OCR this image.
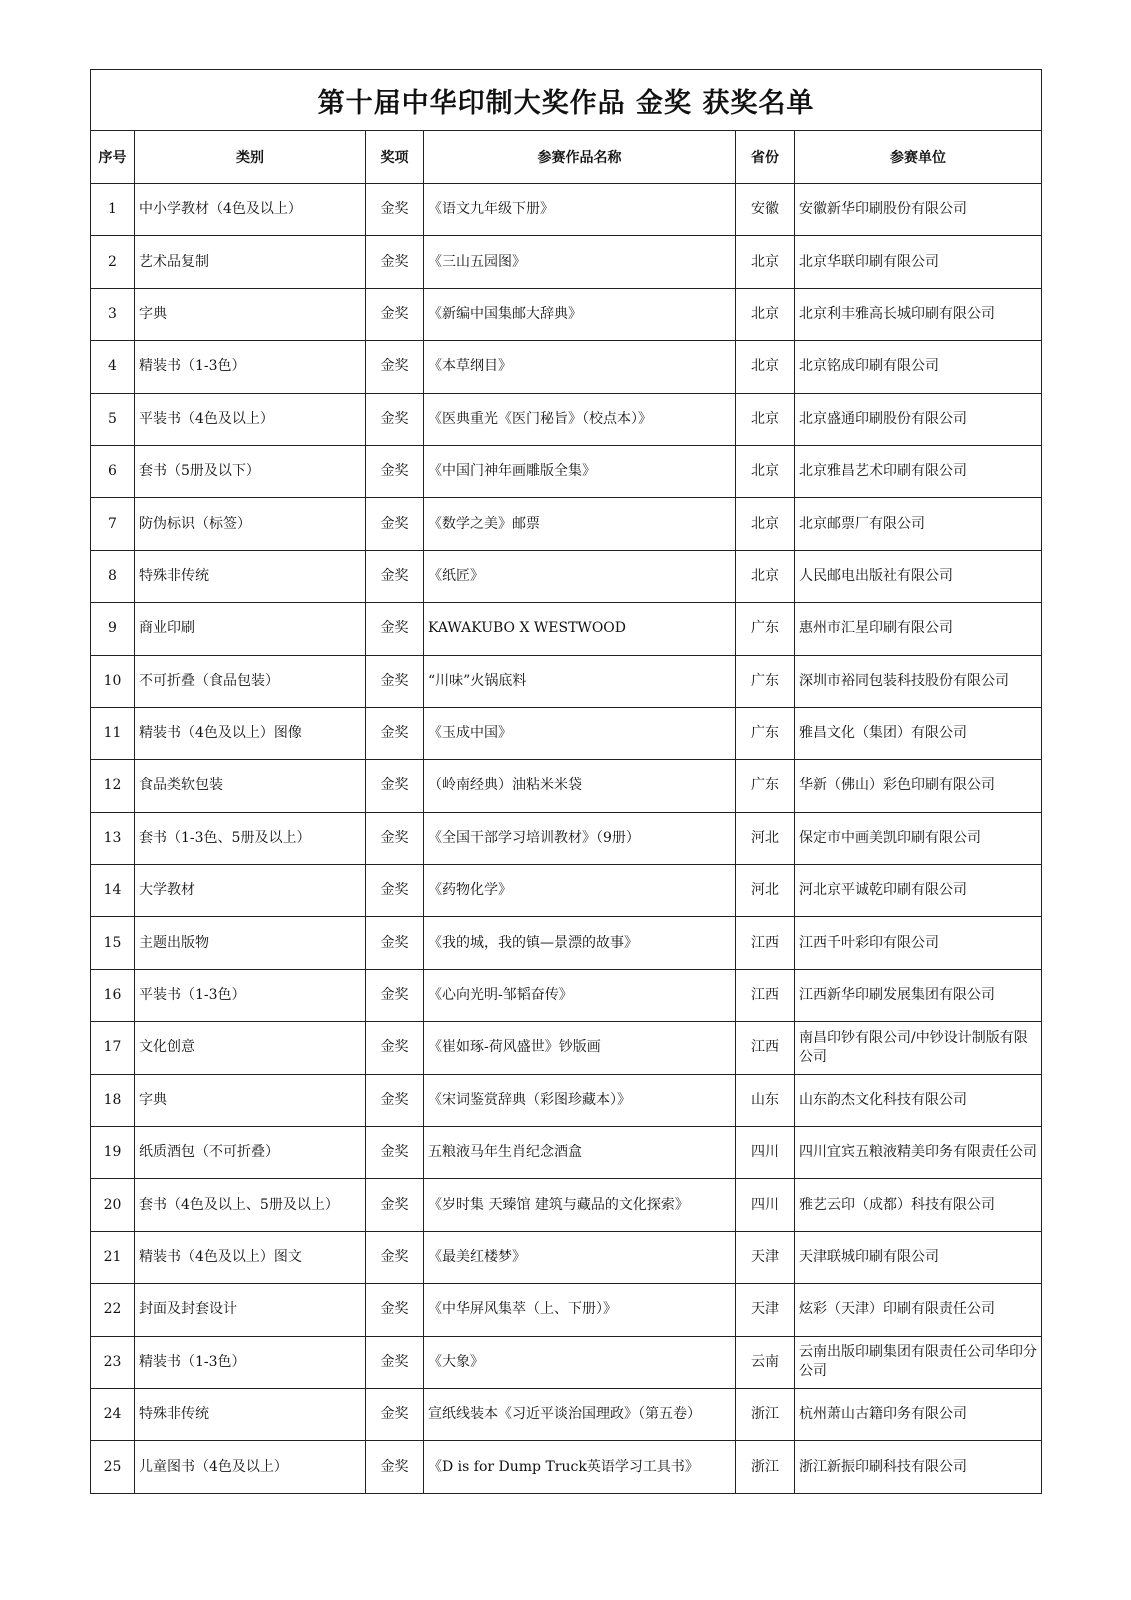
第十届中华印制大奖作品 金奖 获奖名单					
序号	类别	奖项	参赛作品名称	省份	参赛单位
1	中小学教材（4色及以上）	金奖	《语文九年级下册》	安徽	安徽新华印刷股份有限公司
2	艺术品复制	金奖	《三山五园图》	北京	北京华联印刷有限公司
3	字典	金奖	《新编中国集邮大辞典》	北京	北京利丰雅高长城印刷有限公司
4	精装书（1-3色）	金奖	《本草纲目》	北京	北京铭成印刷有限公司
5	平装书（4色及以上）	金奖	《医典重光《医门秘旨》（校点本）》	北京	北京盛通印刷股份有限公司
6	套书（5册及以下）	金奖	《中国门神年画雕版全集》	北京	北京雅昌艺术印刷有限公司
7	防伪标识（标签）	金奖	《数学之美》邮票	北京	北京邮票厂有限公司
8	特殊非传统	金奖	《纸匠》	北京	人民邮电出版社有限公司
9	商业印刷	金奖	KAWAKUBO X WESTWOOD	广东	惠州市汇星印刷有限公司
10	不可折叠（食品包装）	金奖	“川味”火锅底料	广东	深圳市裕同包装科技股份有限公司
11	精装书（4色及以上）图像	金奖	《玉成中国》	广东	雅昌文化（集团）有限公司
12	食品类软包装	金奖	（岭南经典）油粘米米袋	广东	华新（佛山）彩色印刷有限公司
13	套书（1-3色、5册及以上）	金奖	《全国干部学习培训教材》（9册）	河北	保定市中画美凯印刷有限公司
14	大学教材	金奖	《药物化学》	河北	河北京平诚乾印刷有限公司
15	主题出版物	金奖	《我的城，我的镇—景漂的故事》	江西	江西千叶彩印有限公司
16	平装书（1-3色）	金奖	《心向光明-邹韬奋传》	江西	江西新华印刷发展集团有限公司
17	文化创意	金奖	《崔如琢-荷风盛世》钞版画	江西	南昌印钞有限公司/中钞设计制版有限公司
18	字典	金奖	《宋词鉴赏辞典（彩图珍藏本）》	山东	山东韵杰文化科技有限公司
19	纸质酒包（不可折叠）	金奖	五粮液马年生肖纪念酒盒	四川	四川宜宾五粮液精美印务有限责任公司
20	套书（4色及以上、5册及以上）	金奖	《岁时集 天臻馆 建筑与藏品的文化探索》	四川	雅艺云印（成都）科技有限公司
21	精装书（4色及以上）图文	金奖	《最美红楼梦》	天津	天津联城印刷有限公司
22	封面及封套设计	金奖	《中华屏风集萃（上、下册）》	天津	炫彩（天津）印刷有限责任公司
23	精装书（1-3色）	金奖	《大象》	云南	云南出版印刷集团有限责任公司华印分公司
24	特殊非传统	金奖	宣纸线装本《习近平谈治国理政》（第五卷）	浙江	杭州萧山古籍印务有限公司
25	儿童图书（4色及以上）	金奖	《D is for Dump Truck英语学习工具书》	浙江	浙江新振印刷科技有限公司
